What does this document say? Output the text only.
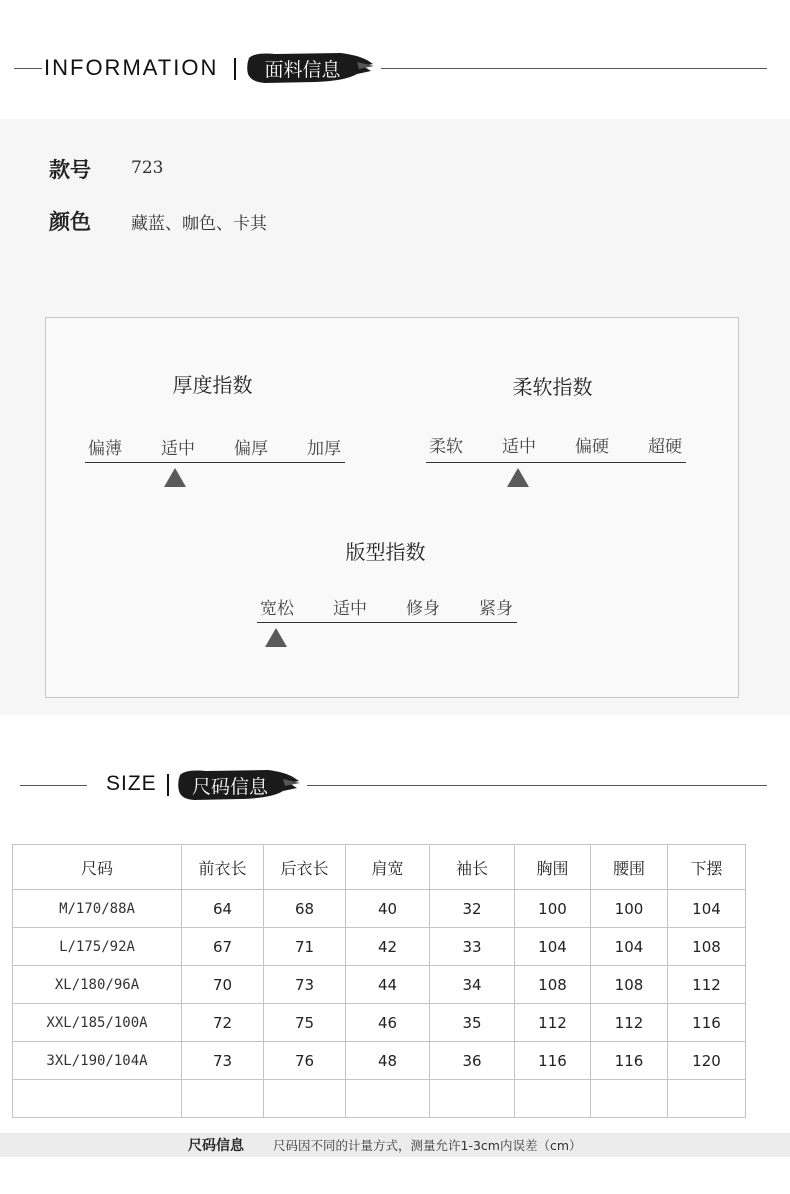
INFORMATION	面料信息
款号 723
颜色 藏蓝、咖色、卡其
厚度指数
偏薄	适中	偏厚	加厚
柔软指数
柔软	适中	偏硬	超硬
版型指数
宽松	适中	修身	紧身
SIZE	尺码信息
尺码	前衣长	后衣长	肩宽	袖长	胸围	腰围	下摆
M/170/88A	64	68	40	32	100	100	104
L/175/92A	67	71	42	33	104	104	108
XL/180/96A	70	73	44	34	108	108	112
XXL/185/100A	72	75	46	35	112	112	116
3XL/190/104A	73	76	48	36	116	116	120

尺码信息 尺码因不同的计量方式，测量允许1-3cm内误差（cm）
